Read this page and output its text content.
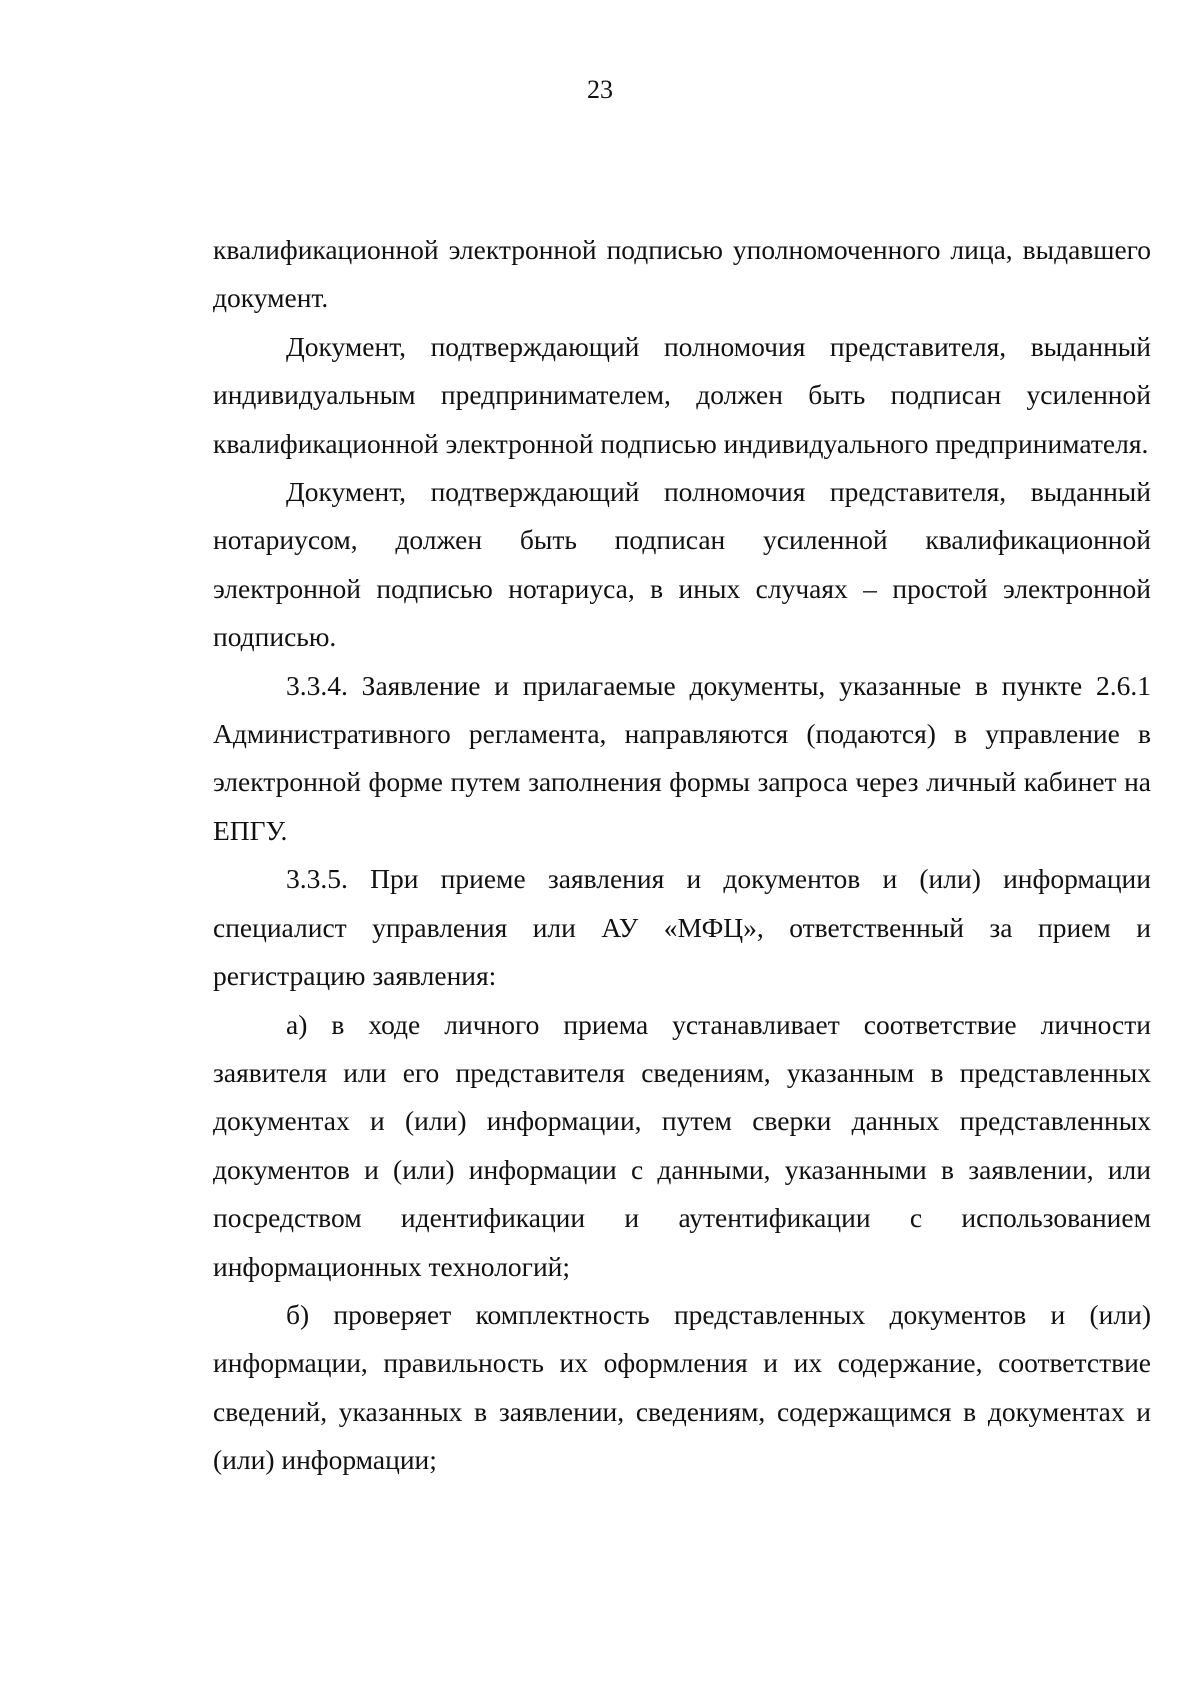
23

квалификационной электронной подписью уполномоченного лица, выдавшего документ.

Документ, подтверждающий полномочия представителя, выданный индивидуальным предпринимателем, должен быть подписан усиленной квалификационной электронной подписью индивидуального предпринимателя.

Документ, подтверждающий полномочия представителя, выданный нотариусом, должен быть подписан усиленной квалификационной электронной подписью нотариуса, в иных случаях – простой электронной подписью.

3.3.4. Заявление и прилагаемые документы, указанные в пункте 2.6.1 Административного регламента, направляются (подаются) в управление в электронной форме путем заполнения формы запроса через личный кабинет на ЕПГУ.

3.3.5. При приеме заявления и документов и (или) информации специалист управления или АУ «МФЦ», ответственный за прием и регистрацию заявления:

а) в ходе личного приема устанавливает соответствие личности заявителя или его представителя сведениям, указанным в представленных документах и (или) информации, путем сверки данных представленных документов и (или) информации с данными, указанными в заявлении, или посредством идентификации и аутентификации с использованием информационных технологий;

б) проверяет комплектность представленных документов и (или) информации, правильность их оформления и их содержание, соответствие сведений, указанных в заявлении, сведениям, содержащимся в документах и (или) информации;
